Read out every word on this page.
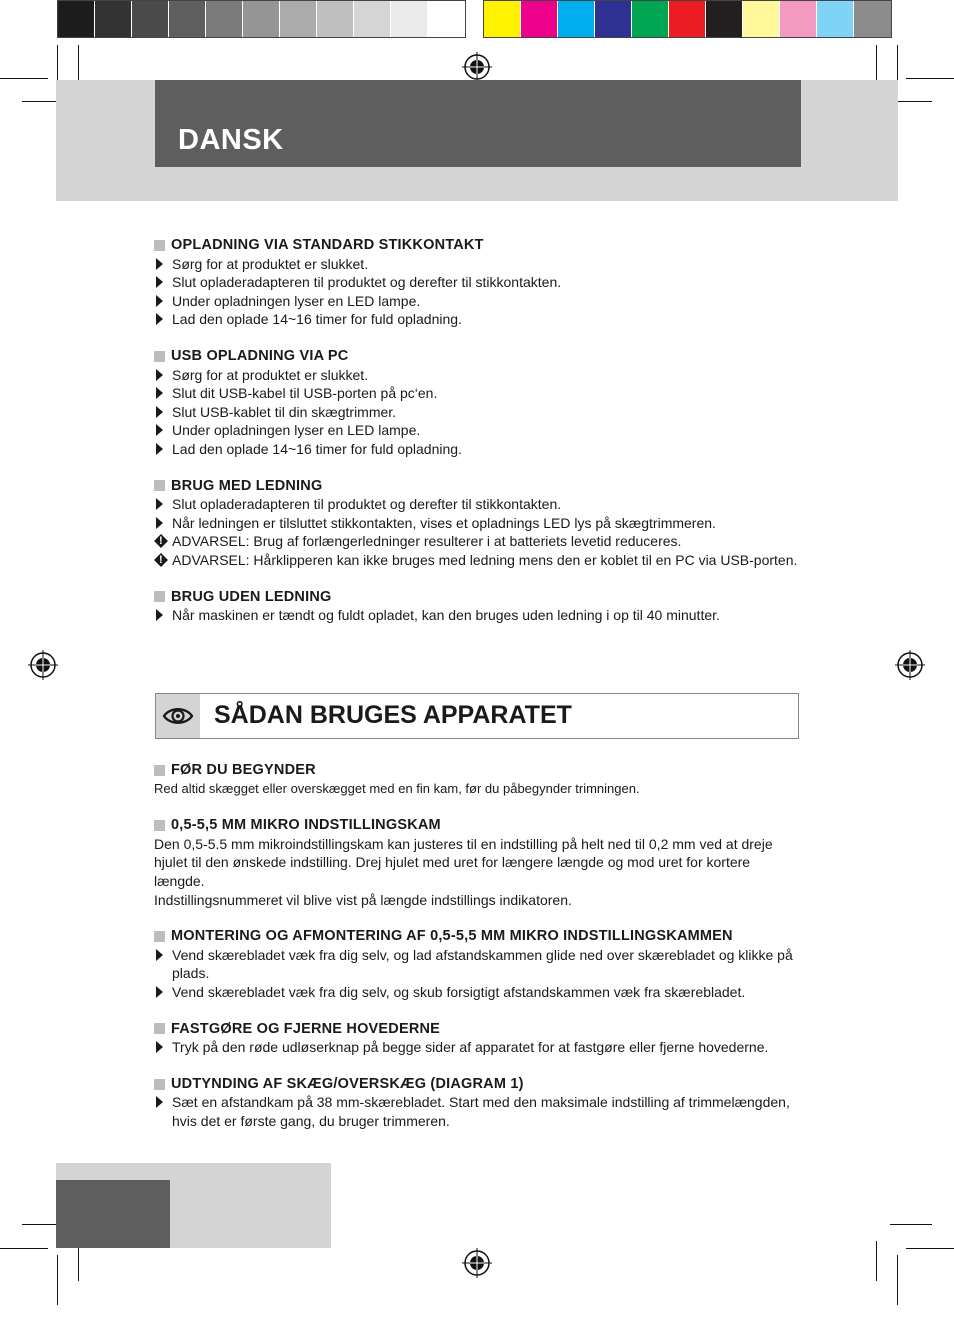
DANSK
OPLADNING VIA STANDARD STIKKONTAKT
Sørg for at produktet er slukket.
Slut opladeradapteren til produktet og derefter til stikkontakten.
Under opladningen lyser en LED lampe.
Lad den oplade 14~16 timer for fuld opladning.
USB OPLADNING VIA PC
Sørg for at produktet er slukket.
Slut dit USB-kabel til USB-porten på pc‘en.
Slut USB-kablet til din skægtrimmer.
Under opladningen lyser en LED lampe.
Lad den oplade 14~16 timer for fuld opladning.
BRUG MED LEDNING
Slut opladeradapteren til produktet og derefter til stikkontakten.
Når ledningen er tilsluttet stikkontakten, vises et opladnings LED lys på skægtrimmeren.
! ADVARSEL: Brug af forlængerledninger resulterer i at batteriets levetid reduceres.
! ADVARSEL: Hårklipperen kan ikke bruges med ledning mens den er koblet til en PC via USB-porten.
BRUG UDEN LEDNING
Når maskinen er tændt og fuldt opladet, kan den bruges uden ledning i op til 40 minutter.
SÅDAN BRUGES APPARATET
FØR DU BEGYNDER

Red altid skægget eller overskægget med en fin kam, før du påbegynder trimningen.

0,5-5,5 MM MIKRO INDSTILLINGSKAM

Den 0,5-5.5 mm mikroindstillingskam kan justeres til en indstilling på helt ned til 0,2 mm ved at dreje hjulet til den ønskede indstilling. Drej hjulet med uret for længere længde og mod uret for kortere længde.

Indstillingsnummeret vil blive vist på længde indstillings indikatoren.

MONTERING OG AFMONTERING AF 0,5-5,5 MM MIKRO INDSTILLINGSKAMMEN
Vend skærebladet væk fra dig selv, og lad afstandskammen glide ned over skærebladet og klikke på plads.
Vend skærebladet væk fra dig selv, og skub forsigtigt afstandskammen væk fra skærebladet.
FASTGØRE OG FJERNE HOVEDERNE
Tryk på den røde udløserknap på begge sider af apparatet for at fastgøre eller fjerne hovederne.
UDTYNDING AF SKÆG/OVERSKÆG (DIAGRAM 1)
Sæt en afstandkam på 38 mm-skærebladet. Start med den maksimale indstilling af trimmelængden, hvis det er første gang, du bruger trimmeren.
